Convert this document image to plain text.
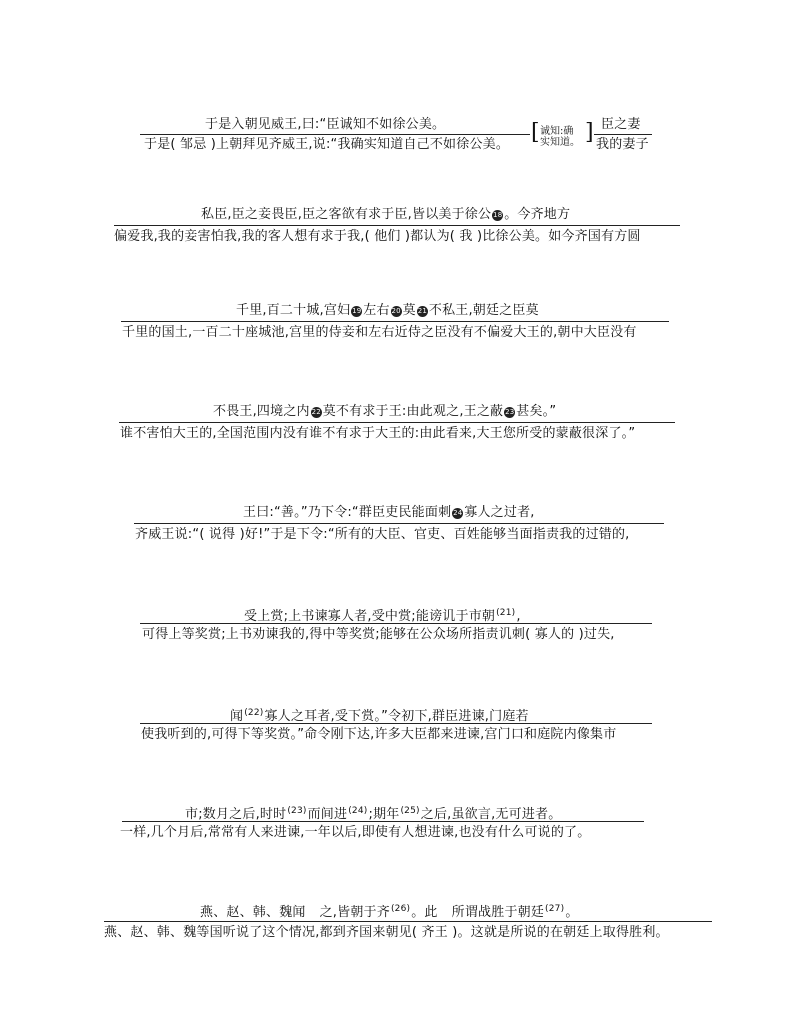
于是入朝见威王,曰:“臣诚知不如徐公美。
于是( 邹忌 )上朝拜见齐威王,说:“我确实知道自己不如徐公美。 [ 诚知:确
实知道。 ] 臣之妻
我的妻子
私臣,臣之妾畏臣,臣之客欲有求于臣,皆以美于徐公 18 。今齐地方
偏爱我,我的妾害怕我,我的客人想有求于我,( 他们 )都认为( 我 )比徐公美。如今齐国有方圆
千里,百二十城,宫妇 19 左右 20 莫 21 不私王,朝廷之臣莫
千里的国土,一百二十座城池,宫里的侍妾和左右近侍之臣没有不偏爱大王的,朝中大臣没有
不畏王,四境之内 22 莫不有求于王:由此观之,王之蔽 23 甚矣。”
谁不害怕大王的,全国范围内没有谁不有求于大王的:由此看来,大王您所受的蒙蔽很深了。”
王曰:“善。”乃下令:“群臣吏民能面刺 24 寡人之过者,
齐威王说:“( 说得 )好!”于是下令:“所有的大臣、官吏、百姓能够当面指责我的过错的,
受上赏;上书谏寡人者,受中赏;能谤讥于市朝$^{(21)}$,
可得上等奖赏;上书劝谏我的,得中等奖赏;能够在公众场所指责讥刺( 寡人的 )过失,
闻$^{(22)}$寡人之耳者,受下赏。”令初下,群臣进谏,门庭若
使我听到的,可得下等奖赏。”命令刚下达,许多大臣都来进谏,宫门口和庭院内像集市
市;数月之后,时时$^{(23)}$而间进$^{(24)}$;期年$^{(25)}$之后,虽欲言,无可进者。
一样,几个月后,常常有人来进谏,一年以后,即使有人想进谏,也没有什么可说的了。
燕、赵、韩、魏闻 之,皆朝于齐$^{(26)}$。此 所谓战胜于朝廷$^{(27)}$。
燕、赵、韩、魏等国听说了这个情况,都到齐国来朝见( 齐王 )。这就是所说的在朝廷上取得胜利。
